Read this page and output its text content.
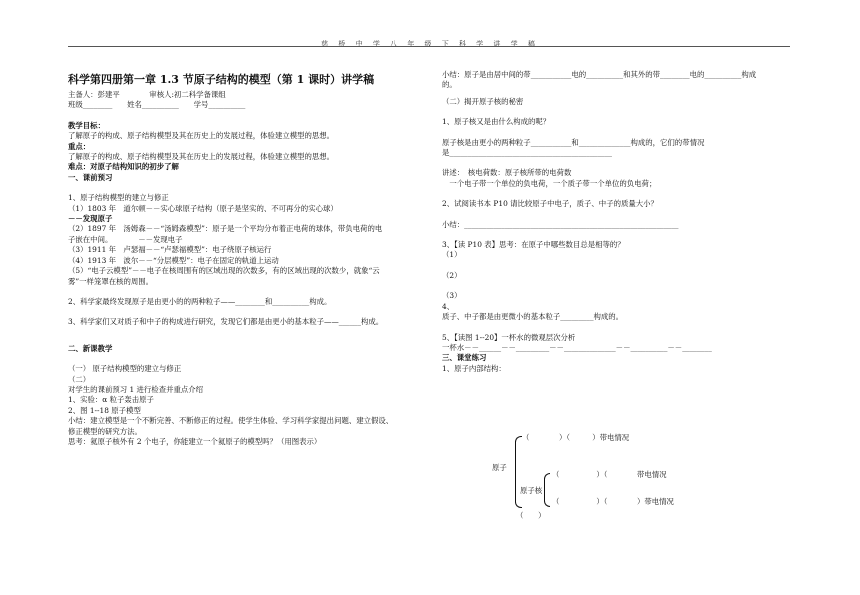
慈 桥 中 学 八 年 级 下 科 学 讲 学 稿
科学第四册第一章 1.3 节原子结构的模型（第 1 课时）讲学稿
主备人：彭建平　　　　审核人:初二科学备课组
班级________　　姓名__________　　学号__________
教学目标：
了解原子的构成、原子结构模型及其在历史上的发展过程，体验建立模型的思想。
重点：
了解原子的构成、原子结构模型及其在历史上的发展过程，体验建立模型的思想。
难点：对原子结构知识的初步了解
一、课前预习
1、原子结构模型的建立与修正
（1）1803 年　道尔顿－－实心球原子结构（原子是坚实的、不可再分的实心球）
－－发现原子
（2）1897 年　汤姆森－－“汤姆森模型”：原子是一个平均分布着正电荷的球体，带负电荷的电
子嵌在中间。　　　　－－发现电子
（3）1911 年　卢瑟福－－“卢瑟福模型”：电子绕原子核运行
（4）1913 年　波尔－－“分层模型”：电子在固定的轨道上运动
（5）“电子云模型”－－电子在核周围有的区域出现的次数多，有的区域出现的次数少，就象“云
雾”一样笼罩在核的周围。
2、科学家最终发现原子是由更小的的两种粒子——________和__________构成。
3、科学家们又对质子和中子的构成进行研究，发现它们都是由更小的基本粒子——______构成。
二、新课教学
（一） 原子结构模型的建立与修正
（二）
对学生的课前预习 1 进行检查并重点介绍
1、实验：α 粒子轰击原子
2、图 1--18 原子模型
小结：建立模型是一个不断完善、不断修正的过程。使学生体验、学习科学家提出问题、建立假设、
修正模型的研究方法。
思考：氦原子核外有 2 个电子，你能建立一个氦原子的模型吗？（用图表示）
小结：原子是由居中间的带___________电的__________和其外的带________电的__________构成
的。
（二）揭开原子核的秘密
1、原子核又是由什么构成的呢？
原子核是由更小的两种粒子___________和______________构成的，它们的带情况
是____________________________________________
讲述：　核电荷数：原子核所带的电荷数
　一个电子带一个单位的负电荷，一个质子带一个单位的负电荷；
2、试阅读书本 P10 请比较原子中电子，质子、中子的质量大小？
小结：__________________________________________________________
3、【读 P10 表】思考：在原子中哪些数目总是相等的？
（1）
（2）
（3）
4、
质子、中子都是由更微小的基本粒子_________构成的。
5、【读图 1--20】一杯水的微观层次分析
一杯水－－______－－_________－－______________－－__________－－________
三、课堂练习
1、原子内部结构：
原子
（　　　　）（　　　）带电情况
原子核
（　　　　　）（　　　　带电情况
（　　　　　）（　　　　）带电情况
（　　）
